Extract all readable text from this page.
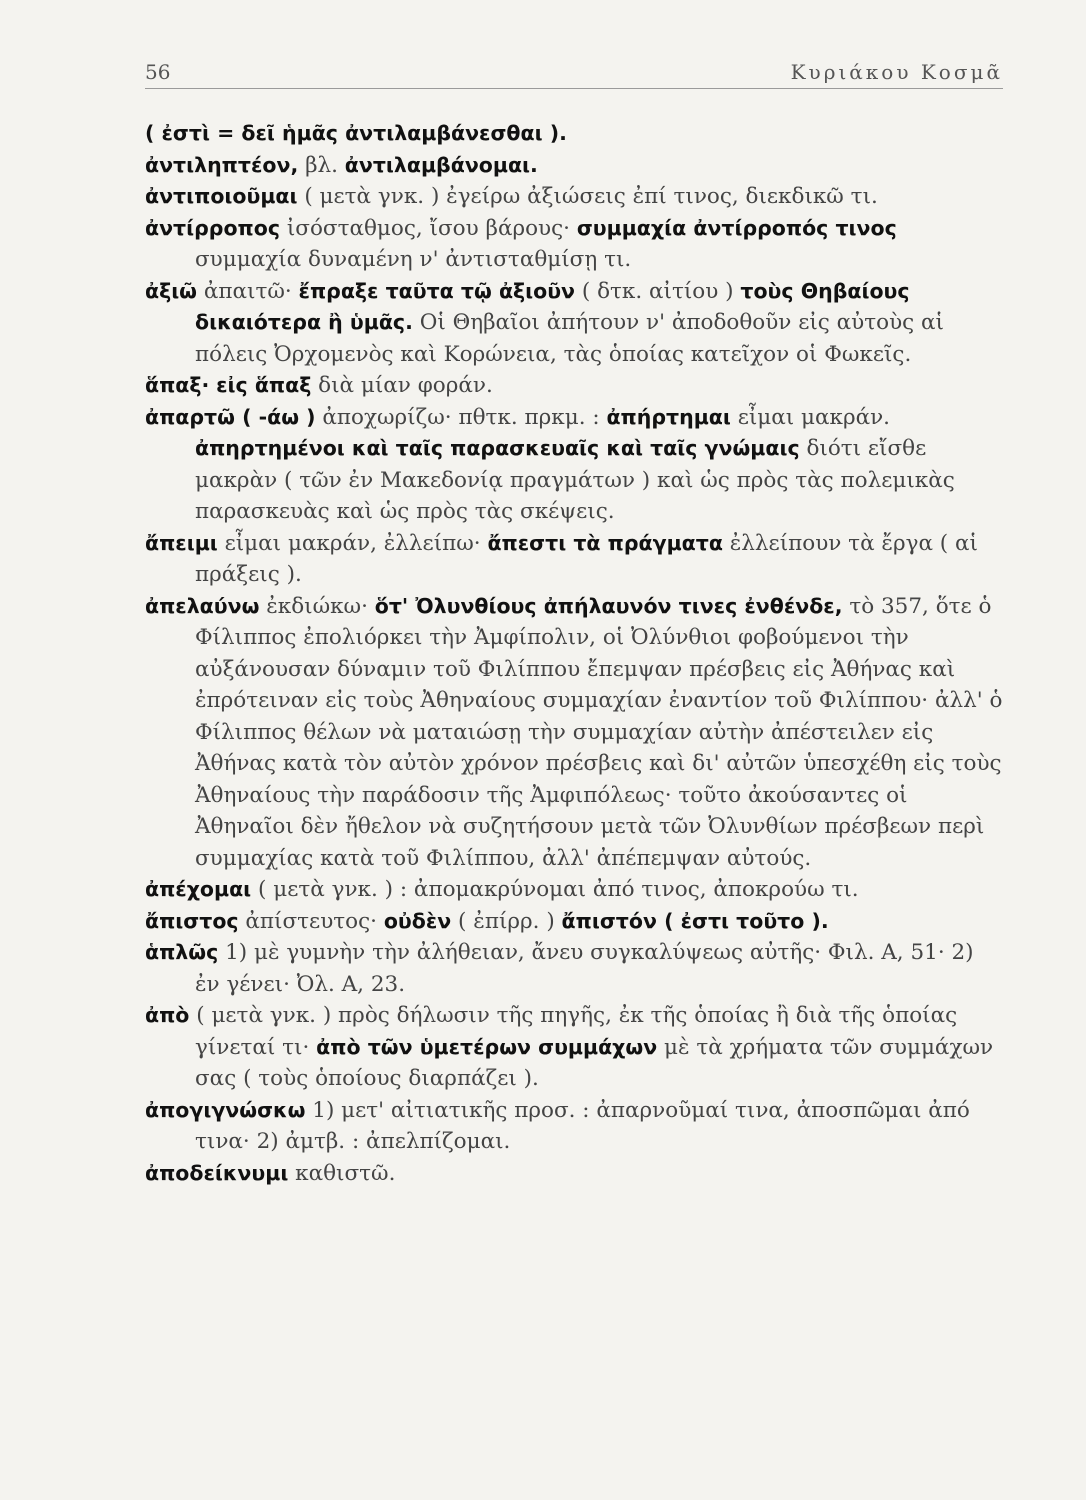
56	Κυριάκου Κοσμᾶ

( ἐστὶ = δεῖ ἡμᾶς ἀντιλαμβάνεσθαι ).

ἀντιληπτέον, βλ. ἀντιλαμβάνομαι.

ἀντιποιοῦμαι ( μετὰ γνκ. ) ἐγείρω ἀξιώσεις ἐπί τινος, διεκδικῶ τι.

ἀντίρροπος ἰσόσταθμος, ἴσου βάρους· συμμαχία ἀντίρροπός τινος συμμαχία δυναμένη ν' ἀντισταθμίσῃ τι.

ἀξιῶ ἀπαιτῶ· ἔπραξε ταῦτα τῷ ἀξιοῦν ( δτκ. αἰτίου ) τοὺς Θηβαίους δικαιότερα ἢ ὑμᾶς. Οἱ Θηβαῖοι ἀπήτουν ν' ἀποδοθοῦν εἰς αὐτοὺς αἱ πόλεις Ὀρχομενὸς καὶ Κορώνεια, τὰς ὁποίας κατεῖχον οἱ Φωκεῖς.

ἅπαξ· εἰς ἅπαξ διὰ μίαν φοράν.

ἀπαρτῶ ( -άω ) ἀποχωρίζω· πθτκ. πρκμ. : ἀπήρτημαι εἶμαι μακράν. ἀπηρτημένοι καὶ ταῖς παρασκευαῖς καὶ ταῖς γνώμαις διότι εἴσθε μακρὰν ( τῶν ἐν Μακεδονίᾳ πραγμάτων ) καὶ ὡς πρὸς τὰς πολεμικὰς παρασκευὰς καὶ ὡς πρὸς τὰς σκέψεις.

ἄπειμι εἶμαι μακράν, ἐλλείπω· ἄπεστι τὰ πράγματα ἐλλείπουν τὰ ἔργα ( αἱ πράξεις ).

ἀπελαύνω ἐκδιώκω· ὅτ' Ὀλυνθίους ἀπήλαυνόν τινες ἐνθένδε, τὸ 357, ὅτε ὁ Φίλιππος ἐπολιόρκει τὴν Ἀμφίπολιν, οἱ Ὀλύνθιοι φοβούμενοι τὴν αὐξάνουσαν δύναμιν τοῦ Φιλίππου ἔπεμψαν πρέσβεις εἰς Ἀθήνας καὶ ἐπρότειναν εἰς τοὺς Ἀθηναίους συμμαχίαν ἐναντίον τοῦ Φιλίππου· ἀλλ' ὁ Φίλιππος θέλων νὰ ματαιώσῃ τὴν συμμαχίαν αὐτὴν ἀπέστειλεν εἰς Ἀθήνας κατὰ τὸν αὐτὸν χρόνον πρέσβεις καὶ δι' αὐτῶν ὑπεσχέθη εἰς τοὺς Ἀθηναίους τὴν παράδοσιν τῆς Ἀμφιπόλεως· τοῦτο ἀκούσαντες οἱ Ἀθηναῖοι δὲν ἤθελον νὰ συζητήσουν μετὰ τῶν Ὀλυνθίων πρέσβεων περὶ συμμαχίας κατὰ τοῦ Φιλίππου, ἀλλ' ἀπέπεμψαν αὐτούς.

ἀπέχομαι ( μετὰ γνκ. ) : ἀπομακρύνομαι ἀπό τινος, ἀποκρούω τι.

ἄπιστος ἀπίστευτος· οὐδὲν ( ἐπίρρ. ) ἄπιστόν ( ἐστι τοῦτο ).

ἁπλῶς 1) μὲ γυμνὴν τὴν ἀλήθειαν, ἄνευ συγκαλύψεως αὐτῆς· Φιλ. Α, 51· 2) ἐν γένει· Ὀλ. Α, 23.

ἀπὸ ( μετὰ γνκ. ) πρὸς δήλωσιν τῆς πηγῆς, ἐκ τῆς ὁποίας ἢ διὰ τῆς ὁποίας γίνεταί τι· ἀπὸ τῶν ὑμετέρων συμμάχων μὲ τὰ χρήματα τῶν συμμάχων σας ( τοὺς ὁποίους διαρπάζει ).

ἀπογιγνώσκω 1) μετ' αἰτιατικῆς προσ. : ἀπαρνοῦμαί τινα, ἀποσπῶμαι ἀπό τινα· 2) ἀμτβ. : ἀπελπίζομαι.

ἀποδείκνυμι καθιστῶ.
